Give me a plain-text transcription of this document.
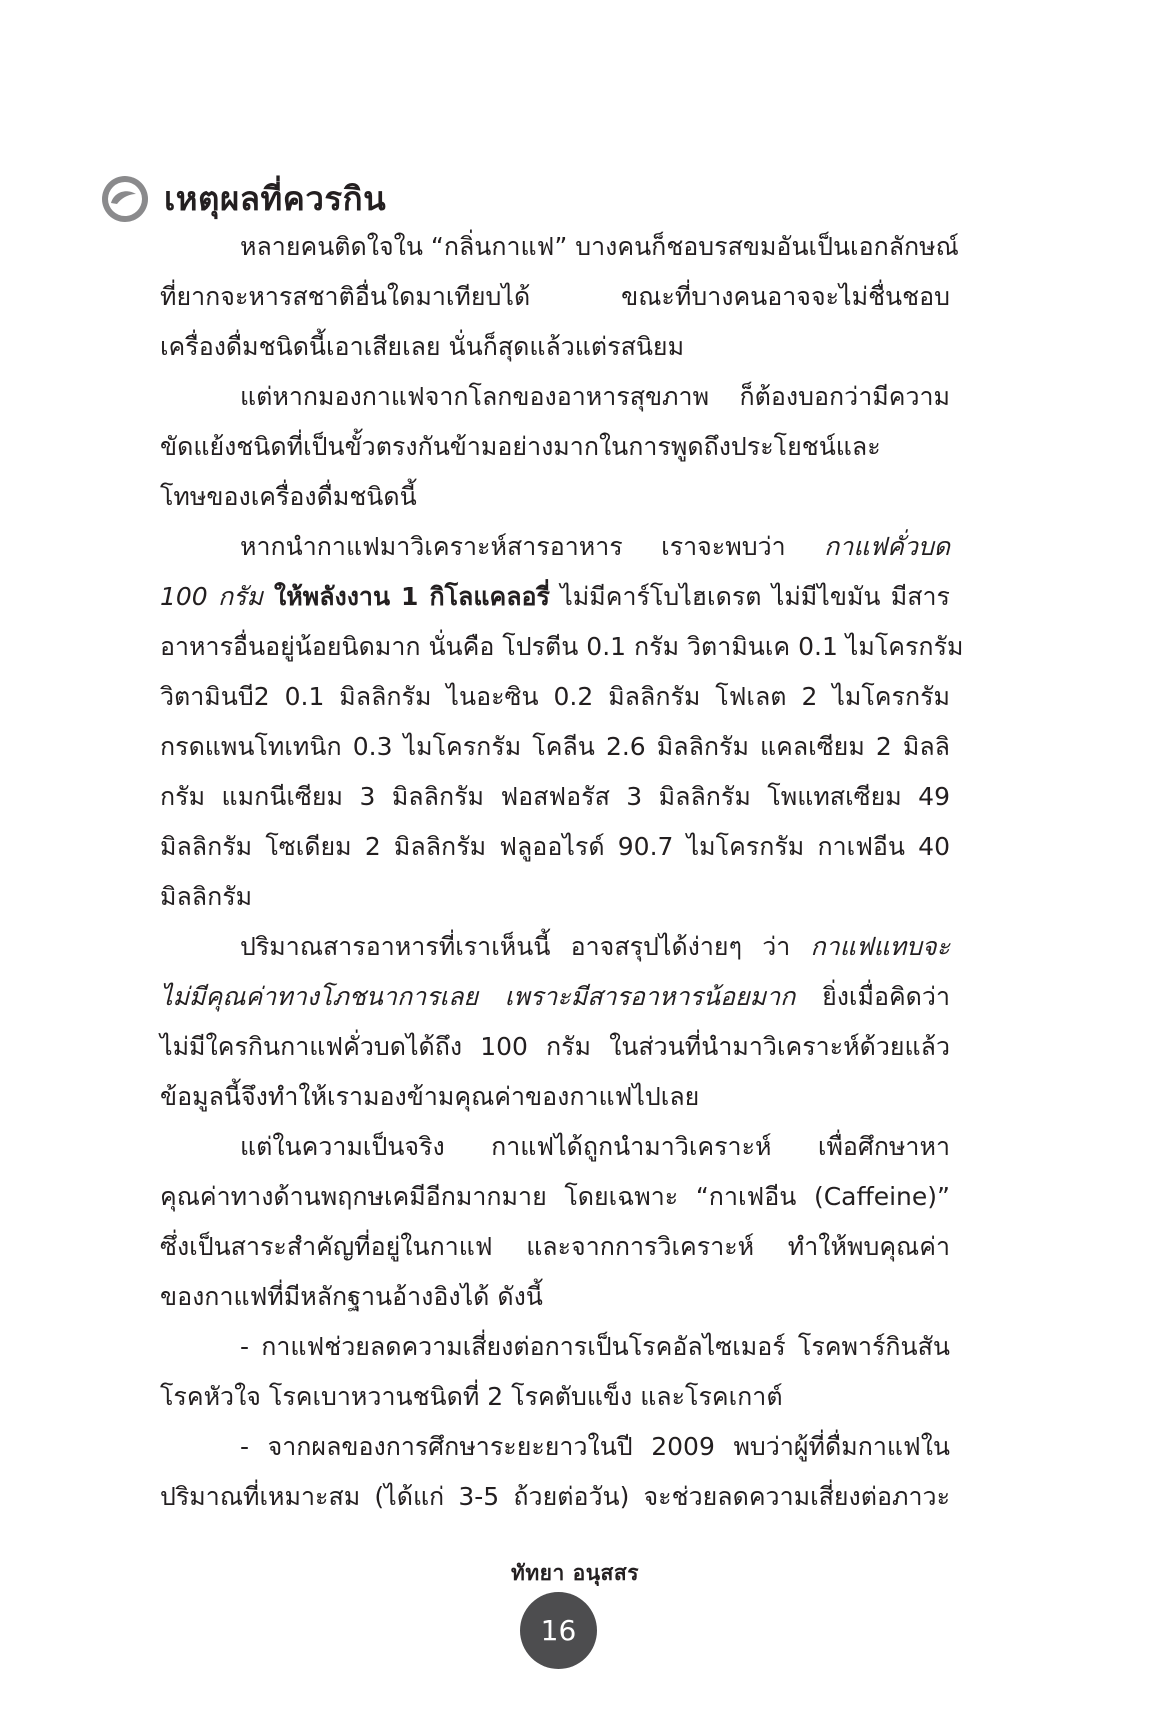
เหตุผลที่ควรกิน

หลายคนติดใจใน “กลิ่นกาแฟ” บางคนก็ชอบรสขมอันเป็นเอกลักษณ์
ที่ยากจะหารสชาติอื่นใดมาเทียบได้ ขณะที่บางคนอาจจะไม่ชื่นชอบ
เครื่องดื่มชนิดนี้เอาเสียเลย นั่นก็สุดแล้วแต่รสนิยม

แต่หากมองกาแฟจากโลกของอาหารสุขภาพ ก็ต้องบอกว่ามีความ
ขัดแย้งชนิดที่เป็นขั้วตรงกันข้ามอย่างมากในการพูดถึงประโยชน์และ
โทษของเครื่องดื่มชนิดนี้

หากนำกาแฟมาวิเคราะห์สารอาหาร เราจะพบว่า กาแฟคั่วบด
100 กรัม ให้พลังงาน 1 กิโลแคลอรี่ ไม่มีคาร์โบไฮเดรต ไม่มีไขมัน มีสาร
อาหารอื่นอยู่น้อยนิดมาก นั่นคือ โปรตีน 0.1 กรัม วิตามินเค 0.1 ไมโครกรัม
วิตามินบี2 0.1 มิลลิกรัม ไนอะซิน 0.2 มิลลิกรัม โฟเลต 2 ไมโครกรัม
กรดแพนโทเทนิก 0.3 ไมโครกรัม โคลีน 2.6 มิลลิกรัม แคลเซียม 2 มิลลิ
กรัม แมกนีเซียม 3 มิลลิกรัม ฟอสฟอรัส 3 มิลลิกรัม โพแทสเซียม 49
มิลลิกรัม โซเดียม 2 มิลลิกรัม ฟลูออไรด์ 90.7 ไมโครกรัม กาเฟอีน 40
มิลลิกรัม

ปริมาณสารอาหารที่เราเห็นนี้ อาจสรุปได้ง่ายๆ ว่า กาแฟแทบจะ
ไม่มีคุณค่าทางโภชนาการเลย เพราะมีสารอาหารน้อยมาก ยิ่งเมื่อคิดว่า
ไม่มีใครกินกาแฟคั่วบดได้ถึง 100 กรัม ในส่วนที่นำมาวิเคราะห์ด้วยแล้ว
ข้อมูลนี้จึงทำให้เรามองข้ามคุณค่าของกาแฟไปเลย

แต่ในความเป็นจริง กาแฟได้ถูกนำมาวิเคราะห์ เพื่อศึกษาหา
คุณค่าทางด้านพฤกษเคมีอีกมากมาย โดยเฉพาะ “กาเฟอีน (Caffeine)”
ซึ่งเป็นสาระสำคัญที่อยู่ในกาแฟ และจากการวิเคราะห์ ทำให้พบคุณค่า
ของกาแฟที่มีหลักฐานอ้างอิงได้ ดังนี้

- กาแฟช่วยลดความเสี่ยงต่อการเป็นโรคอัลไซเมอร์ โรคพาร์กินสัน
โรคหัวใจ โรคเบาหวานชนิดที่ 2 โรคตับแข็ง และโรคเกาต์

- จากผลของการศึกษาระยะยาวในปี 2009 พบว่าผู้ที่ดื่มกาแฟใน
ปริมาณที่เหมาะสม (ได้แก่ 3-5 ถ้วยต่อวัน) จะช่วยลดความเสี่ยงต่อภาวะ

ทัทยา อนุสสร
16
